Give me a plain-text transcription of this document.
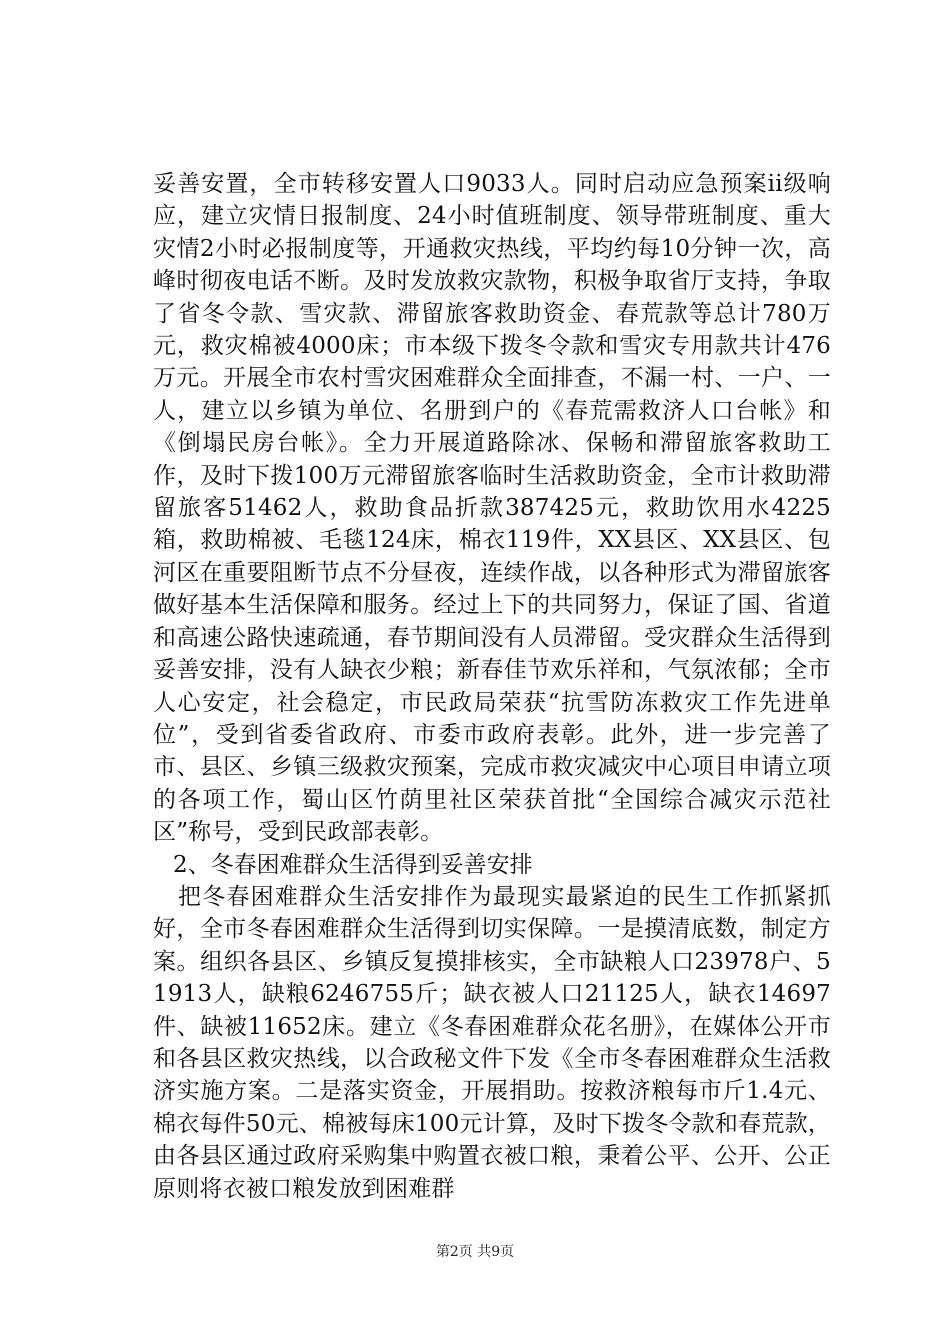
妥善安置，全市转移安置人口9033人。同时启动应急预案ii级响应，建立灾情日报制度、24小时值班制度、领导带班制度、重大灾情2小时必报制度等，开通救灾热线，平均约每10分钟一次，高峰时彻夜电话不断。及时发放救灾款物，积极争取省厅支持，争取了省冬令款、雪灾款、滞留旅客救助资金、春荒款等总计780万元，救灾棉被4000床；市本级下拨冬令款和雪灾专用款共计476万元。开展全市农村雪灾困难群众全面排查，不漏一村、一户、一人，建立以乡镇为单位、名册到户的《春荒需救济人口台帐》和《倒塌民房台帐》。全力开展道路除冰、保畅和滞留旅客救助工作，及时下拨100万元滞留旅客临时生活救助资金，全市计救助滞留旅客51462人，救助食品折款387425元，救助饮用水4225箱，救助棉被、毛毯124床，棉衣119件，XX县区、XX县区、包河区在重要阻断节点不分昼夜，连续作战，以各种形式为滞留旅客做好基本生活保障和服务。经过上下的共同努力，保证了国、省道和高速公路快速疏通，春节期间没有人员滞留。受灾群众生活得到妥善安排，没有人缺衣少粮；新春佳节欢乐祥和，气氛浓郁；全市人心安定，社会稳定，市民政局荣获“抗雪防冻救灾工作先进单位”，受到省委省政府、市委市政府表彰。此外，进一步完善了市、县区、乡镇三级救灾预案，完成市救灾减灾中心项目申请立项的各项工作，蜀山区竹荫里社区荣获首批“全国综合减灾示范社区”称号，受到民政部表彰。

2、冬春困难群众生活得到妥善安排

把冬春困难群众生活安排作为最现实最紧迫的民生工作抓紧抓好，全市冬春困难群众生活得到切实保障。一是摸清底数，制定方案。组织各县区、乡镇反复摸排核实，全市缺粮人口23978户、51913人，缺粮6246755斤；缺衣被人口21125人，缺衣14697件、缺被11652床。建立《冬春困难群众花名册》，在媒体公开市和各县区救灾热线，以合政秘文件下发《全市冬春困难群众生活救济实施方案。二是落实资金，开展捐助。按救济粮每市斤1.4元、棉衣每件50元、棉被每床100元计算，及时下拨冬令款和春荒款，由各县区通过政府采购集中购置衣被口粮，秉着公平、公开、公正原则将衣被口粮发放到困难群

第2页 共9页
